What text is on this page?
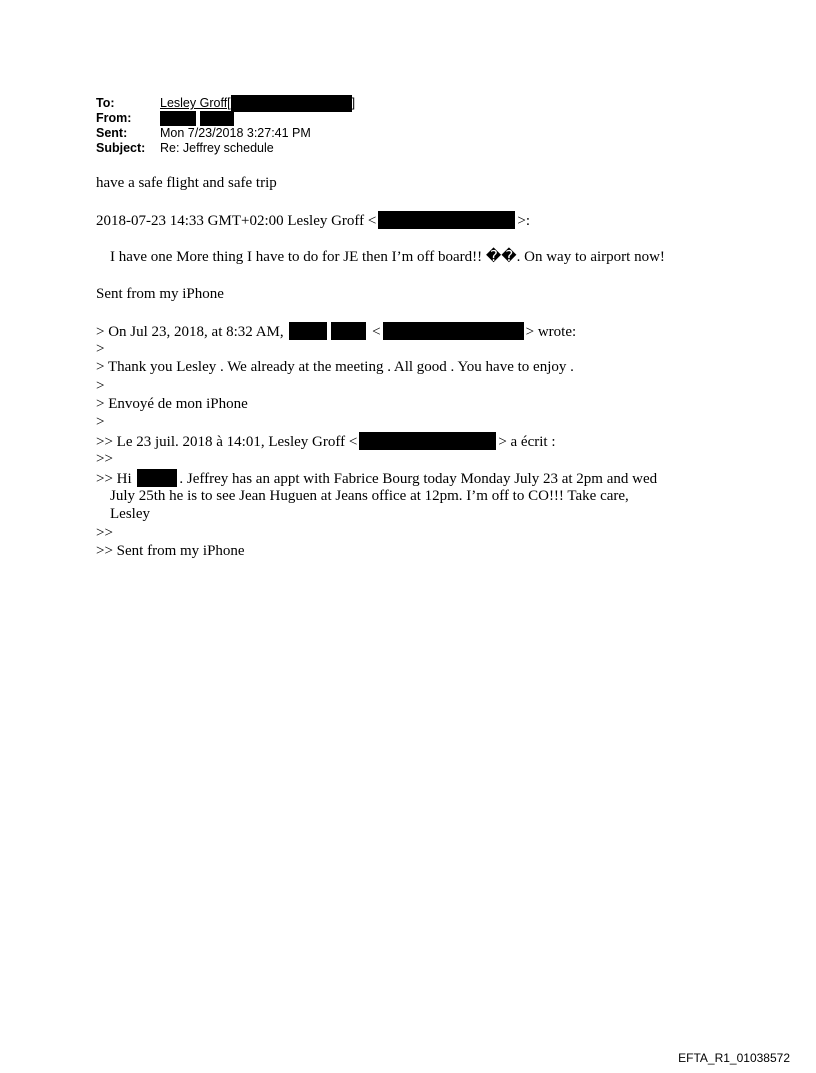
To:	Lesley Groff[	]
From:
Sent:	Mon 7/23/2018 3:27:41 PM
Subject:	Re: Jeffrey schedule
have a safe flight and safe trip
2018-07-23 14:33 GMT+02:00 Lesley Groff <	>:
I have one More thing I have to do for JE then I’m off board!! ��. On way to airport now!
Sent from my iPhone
> On Jul 23, 2018, at 8:32 AM,	<	> wrote:
>
> Thank you Lesley . We already at the meeting . All good . You have to enjoy .
>
> Envoyé de mon iPhone
>
>> Le 23 juil. 2018 à 14:01, Lesley Groff <	> a écrit :
>>
>> Hi	. Jeffrey has an appt with Fabrice Bourg today Monday July 23 at 2pm and wed
July 25th he is to see Jean Huguen at Jeans office at 12pm. I’m off to CO!!! Take care,
Lesley
>>
>> Sent from my iPhone
EFTA_R1_01038572
